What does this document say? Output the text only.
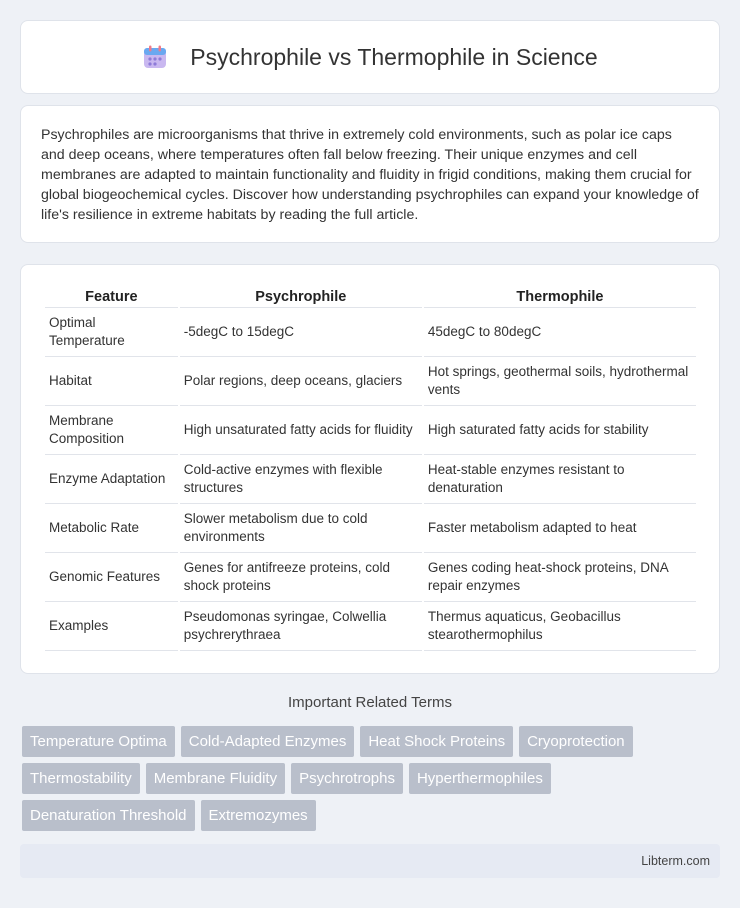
Psychrophile vs Thermophile in Science

Psychrophiles are microorganisms that thrive in extremely cold environments, such as polar ice caps and deep oceans, where temperatures often fall below freezing. Their unique enzymes and cell membranes are adapted to maintain functionality and fluidity in frigid conditions, making them crucial for global biogeochemical cycles. Discover how understanding psychrophiles can expand your knowledge of life's resilience in extreme habitats by reading the full article.

Feature	Psychrophile	Thermophile
Optimal Temperature	-5degC to 15degC	45degC to 80degC
Habitat	Polar regions, deep oceans, glaciers	Hot springs, geothermal soils, hydrothermal vents
Membrane Composition	High unsaturated fatty acids for fluidity	High saturated fatty acids for stability
Enzyme Adaptation	Cold-active enzymes with flexible structures	Heat-stable enzymes resistant to denaturation
Metabolic Rate	Slower metabolism due to cold environments	Faster metabolism adapted to heat
Genomic Features	Genes for antifreeze proteins, cold shock proteins	Genes coding heat-shock proteins, DNA repair enzymes
Examples	Pseudomonas syringae, Colwellia psychrerythraea	Thermus aquaticus, Geobacillus stearothermophilus
Important Related Terms
Temperature Optima	Cold-Adapted Enzymes	Heat Shock Proteins	Cryoprotection
Thermostability	Membrane Fluidity	Psychrotrophs	Hyperthermophiles
Denaturation Threshold	Extremozymes
Libterm.com
